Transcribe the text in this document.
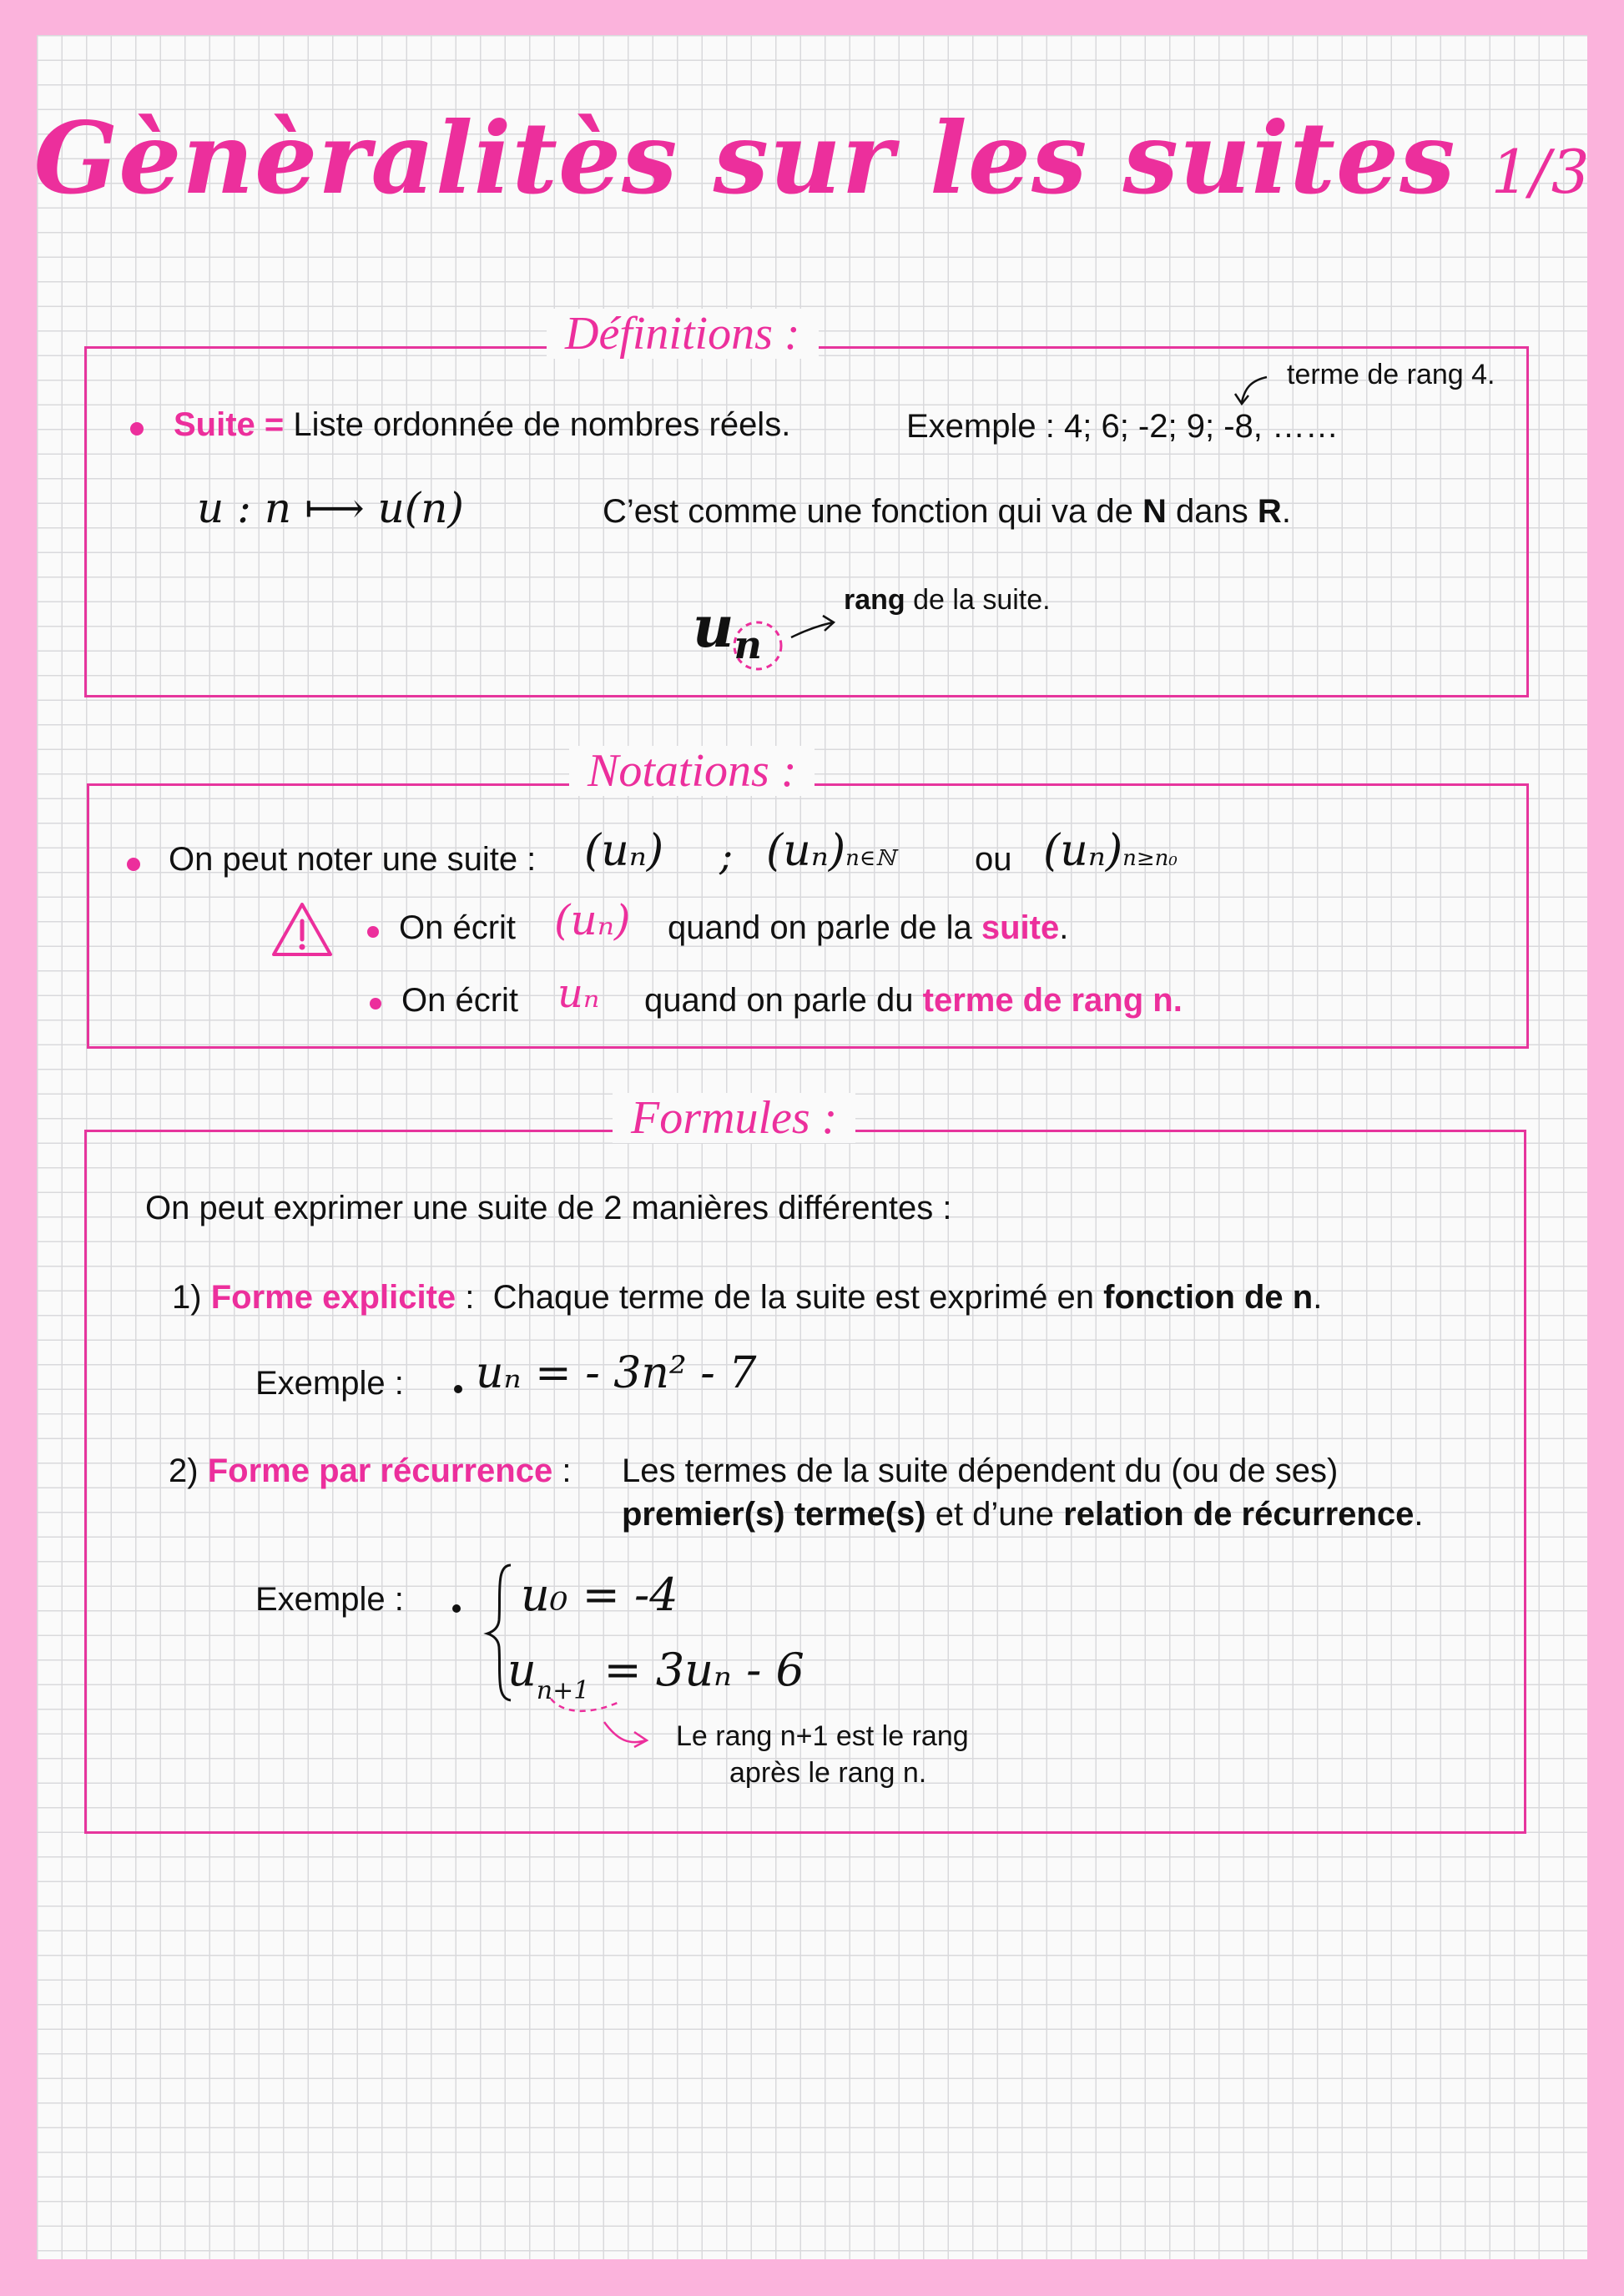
Gènèralitès sur les suites 1/3
Définitions :
Suite = Liste ordonnée de nombres réels.	Exemple : 4; 6; -2; 9; -8, ……
terme de rang 4.
u : n ⟼ u(n)	C’est comme une fonction qui va de N dans R.
$u_n$
rang de la suite.
Notations :
On peut noter une suite : (uₙ) ; (uₙ)n∈ℕ ou (uₙ)n≥n₀
On écrit (uₙ) quand on parle de la suite.
On écrit uₙ quand on parle du terme de rang n.
Formules :
On peut exprimer une suite de 2 manières différentes :
1) Forme explicite : Chaque terme de la suite est exprimé en fonction de n.
Exemple : uₙ = - 3n² - 7
2) Forme par récurrence : Les termes de la suite dépendent du (ou de ses)
premier(s) terme(s) et d’une relation de récurrence.
Exemple :	u₀ = -4
$u_{n+1} = 3u_n - 6$
Le rang n+1 est le rang
après le rang n.
